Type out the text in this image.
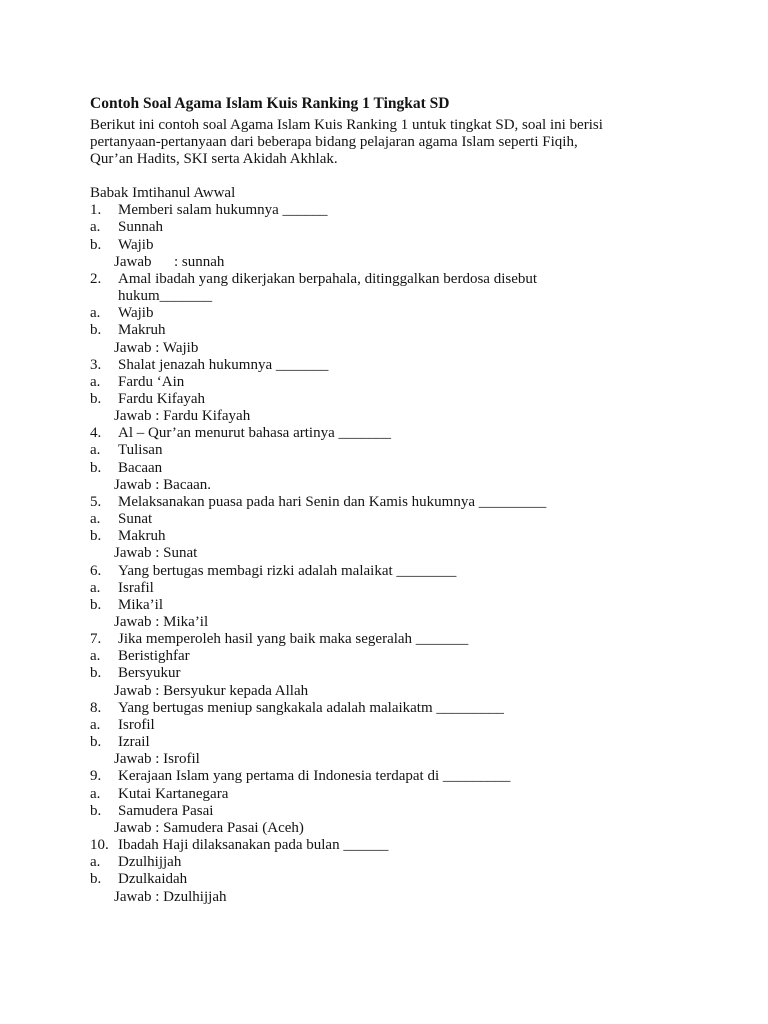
Contoh Soal Agama Islam Kuis Ranking 1 Tingkat SD
Berikut ini contoh soal Agama Islam Kuis Ranking 1 untuk tingkat SD, soal ini berisi
pertanyaan-pertanyaan dari beberapa bidang pelajaran agama Islam seperti Fiqih,
Qur’an Hadits, SKI serta Akidah Akhlak.
Babak Imtihanul Awwal
1.	Memberi salam hukumnya ______
a.	Sunnah
b.	Wajib
Jawab      : sunnah
2.	Amal ibadah yang dikerjakan berpahala, ditinggalkan berdosa disebut
hukum_______
a.	Wajib
b.	Makruh
Jawab : Wajib
3.	Shalat jenazah hukumnya _______
a.	Fardu ‘Ain
b.	Fardu Kifayah
Jawab : Fardu Kifayah
4.	Al – Qur’an menurut bahasa artinya _______
a.	Tulisan
b.	Bacaan
Jawab : Bacaan.
5.	Melaksanakan puasa pada hari Senin dan Kamis hukumnya _________
a.	Sunat
b.	Makruh
Jawab : Sunat
6.	Yang bertugas membagi rizki adalah malaikat ________
a.	Israfil
b.	Mika’il
Jawab : Mika’il
7.	Jika memperoleh hasil yang baik maka segeralah _______
a.	Beristighfar
b.	Bersyukur
Jawab : Bersyukur kepada Allah
8.	Yang bertugas meniup sangkakala adalah malaikatm _________
a.	Isrofil
b.	Izrail
Jawab : Isrofil
9.	Kerajaan Islam yang pertama di Indonesia terdapat di _________
a.	Kutai Kartanegara
b.	Samudera Pasai
Jawab : Samudera Pasai (Aceh)
10. Ibadah Haji dilaksanakan pada bulan ______
a.	Dzulhijjah
b.	Dzulkaidah
Jawab : Dzulhijjah
